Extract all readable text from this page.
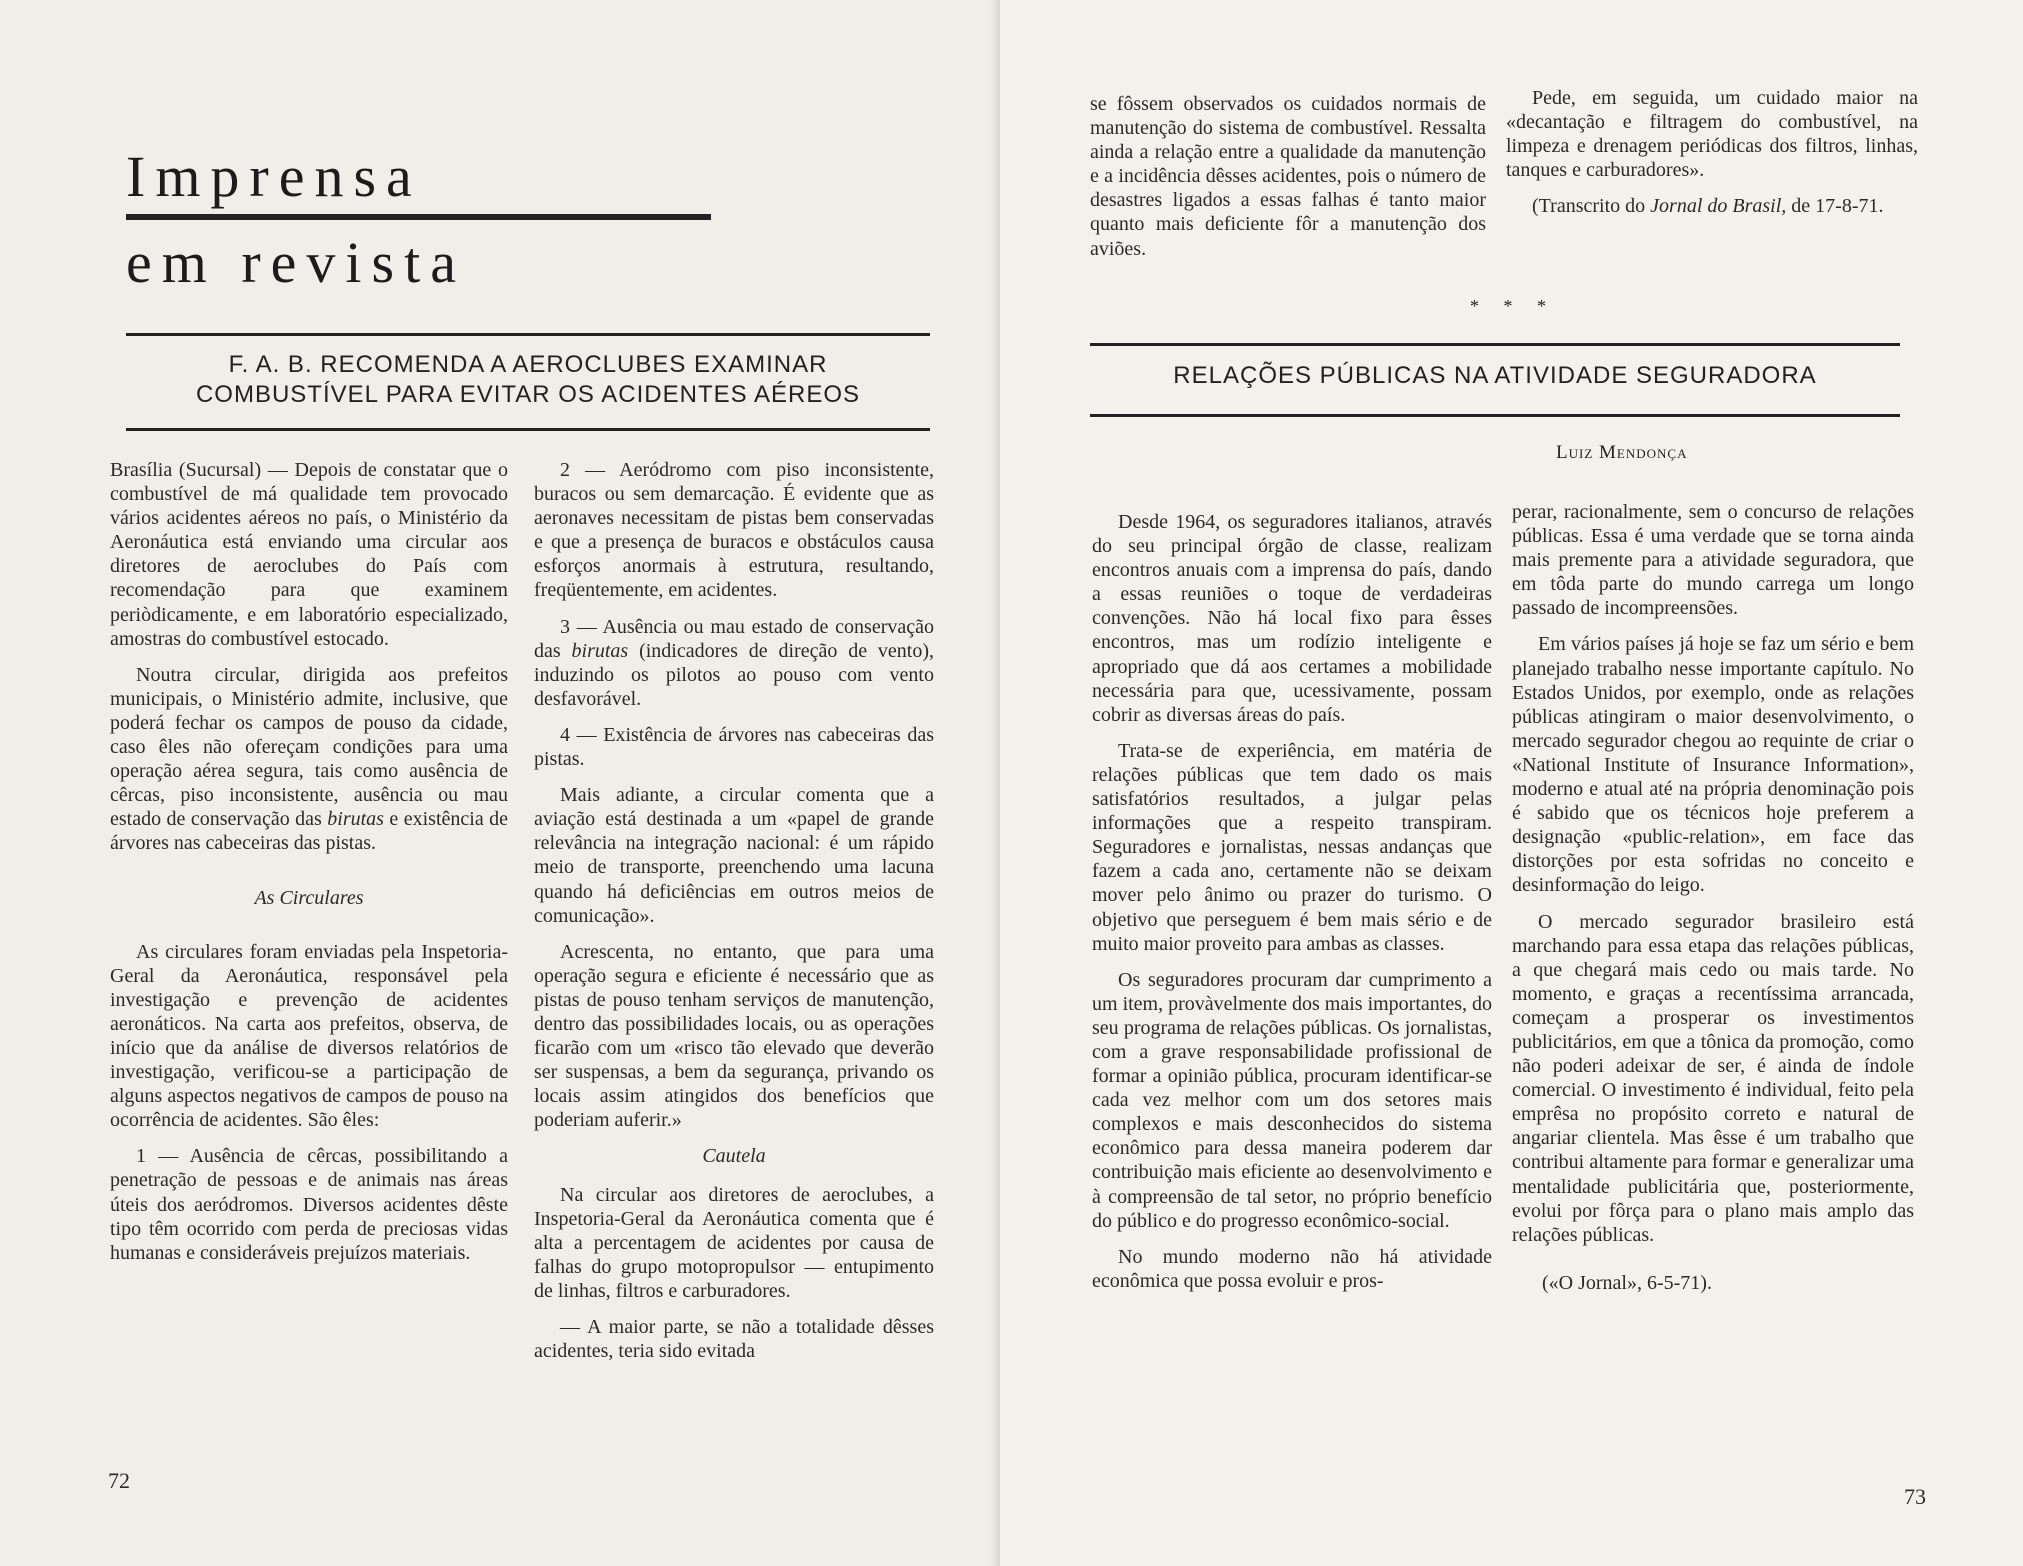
Imprensa
em revista
F. A. B. RECOMENDA A AEROCLUBES EXAMINAR
COMBUSTÍVEL PARA EVITAR OS ACIDENTES AÉREOS

Brasília (Sucursal) — Depois de constatar que o combustível de má qualidade tem provocado vários acidentes aéreos no país, o Ministério da Aeronáutica está enviando uma circular aos diretores de aeroclubes do País com recomendação para que examinem periòdicamente, e em laboratório especializado, amostras do combustível estocado.

Noutra circular, dirigida aos prefeitos municipais, o Ministério admite, inclusive, que poderá fechar os campos de pouso da cidade, caso êles não ofereçam condições para uma operação aérea segura, tais como ausência de cêrcas, piso inconsistente, ausência ou mau estado de conservação das birutas e existência de árvores nas cabeceiras das pistas.

As Circulares

As circulares foram enviadas pela Inspetoria-Geral da Aeronáutica, responsável pela investigação e prevenção de acidentes aeronáticos. Na carta aos prefeitos, observa, de início que da análise de diversos relatórios de investigação, verificou-se a participação de alguns aspectos negativos de campos de pouso na ocorrência de acidentes. São êles:

1 — Ausência de cêrcas, possibilitando a penetração de pessoas e de animais nas áreas úteis dos aeródromos. Diversos acidentes dêste tipo têm ocorrido com perda de preciosas vidas humanas e consideráveis prejuízos materiais.

2 — Aeródromo com piso inconsistente, buracos ou sem demarcação. É evidente que as aeronaves necessitam de pistas bem conservadas e que a presença de buracos e obstáculos causa esforços anormais à estrutura, resultando, freqüentemente, em acidentes.

3 — Ausência ou mau estado de conservação das birutas (indicadores de direção de vento), induzindo os pilotos ao pouso com vento desfavorável.

4 — Existência de árvores nas cabeceiras das pistas.

Mais adiante, a circular comenta que a aviação está destinada a um «papel de grande relevância na integração nacional: é um rápido meio de transporte, preenchendo uma lacuna quando há deficiências em outros meios de comunicação».

Acrescenta, no entanto, que para uma operação segura e eficiente é necessário que as pistas de pouso tenham serviços de manutenção, dentro das possibilidades locais, ou as operações ficarão com um «risco tão elevado que deverão ser suspensas, a bem da segurança, privando os locais assim atingidos dos benefícios que poderiam auferir.»

Cautela

Na circular aos diretores de aeroclubes, a Inspetoria-Geral da Aeronáutica comenta que é alta a percentagem de acidentes por causa de falhas do grupo motopropulsor — entupimento de linhas, filtros e carburadores.

— A maior parte, se não a totalidade dêsses acidentes, teria sido evitada

72

se fôssem observados os cuidados normais de manutenção do sistema de combustível. Ressalta ainda a relação entre a qualidade da manutenção e a incidência dêsses acidentes, pois o número de desastres ligados a essas falhas é tanto maior quanto mais deficiente fôr a manutenção dos aviões.

Pede, em seguida, um cuidado maior na «decantação e filtragem do combustível, na limpeza e drenagem periódicas dos filtros, linhas, tanques e carburadores».

(Transcrito do Jornal do Brasil, de 17-8-71.

* * *
RELAÇÕES PÚBLICAS NA ATIVIDADE SEGURADORA
Luiz Mendonça

Desde 1964, os seguradores italianos, através do seu principal órgão de classe, realizam encontros anuais com a imprensa do país, dando a essas reuniões o toque de verdadeiras convenções. Não há local fixo para êsses encontros, mas um rodízio inteligente e apropriado que dá aos certames a mobilidade necessária para que, ucessivamente, possam cobrir as diversas áreas do país.

Trata-se de experiência, em matéria de relações públicas que tem dado os mais satisfatórios resultados, a julgar pelas informações que a respeito transpiram. Seguradores e jornalistas, nessas andanças que fazem a cada ano, certamente não se deixam mover pelo ânimo ou prazer do turismo. O objetivo que perseguem é bem mais sério e de muito maior proveito para ambas as classes.

Os seguradores procuram dar cumprimento a um item, provàvelmente dos mais importantes, do seu programa de relações públicas. Os jornalistas, com a grave responsabilidade profissional de formar a opinião pública, procuram identificar-se cada vez melhor com um dos setores mais complexos e mais desconhecidos do sistema econômico para dessa maneira poderem dar contribuição mais eficiente ao desenvolvimento e à compreensão de tal setor, no próprio benefício do público e do progresso econômico-social.

No mundo moderno não há atividade econômica que possa evoluir e pros-

perar, racionalmente, sem o concurso de relações públicas. Essa é uma verdade que se torna ainda mais premente para a atividade seguradora, que em tôda parte do mundo carrega um longo passado de incompreensões.

Em vários países já hoje se faz um sério e bem planejado trabalho nesse importante capítulo. No Estados Unidos, por exemplo, onde as relações públicas atingiram o maior desenvolvimento, o mercado segurador chegou ao requinte de criar o «National Institute of Insurance Information», moderno e atual até na própria denominação pois é sabido que os técnicos hoje preferem a designação «public-relation», em face das distorções por esta sofridas no conceito e desinformação do leigo.

O mercado segurador brasileiro está marchando para essa etapa das relações públicas, a que chegará mais cedo ou mais tarde. No momento, e graças a recentíssima arrancada, começam a prosperar os investimentos publicitários, em que a tônica da promoção, como não poderi adeixar de ser, é ainda de índole comercial. O investimento é individual, feito pela emprêsa no propósito correto e natural de angariar clientela. Mas êsse é um trabalho que contribui altamente para formar e generalizar uma mentalidade publicitária que, posteriormente, evolui por fôrça para o plano mais amplo das relações públicas.

(«O Jornal», 6-5-71).

73
